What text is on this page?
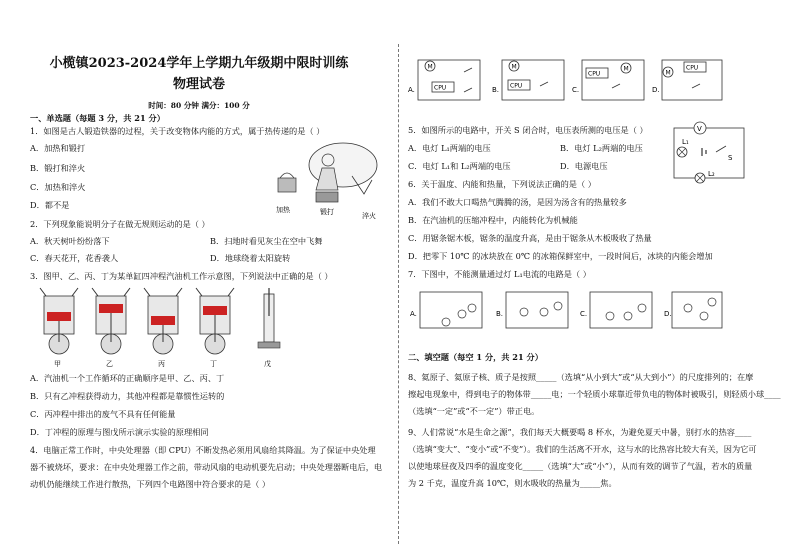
小榄镇2023-2024学年上学期九年级期中限时训练
物理试卷
时间：80 分钟 满分：100 分
一、单选题（每题 3 分，共 21 分）
1．如图是古人锻造铁器的过程，关于改变物体内能的方式，属于热传递的是（ ）
A．加热和锻打
B．锻打和淬火
C．加热和淬火
D．都不是	加热	锻打	淬火
2．下列现象能说明分子在做无规则运动的是（ ）
A．秋天树叶纷纷落下	B．扫地时看见灰尘在空中飞舞
C．春天花开，花香袭人	D．地球绕着太阳旋转
3．图甲、乙、丙、丁为某单缸四冲程汽油机工作示意图，下列说法中正确的是（ ）
甲	乙	丙	丁	戊
A．汽油机一个工作循环的正确顺序是甲、乙、丙、丁
B．只有乙冲程获得动力，其他冲程都是靠惯性运转的
C．丙冲程中排出的废气不具有任何能量
D．丁冲程的原理与图戊所示演示实验的原理相同
4．电脑正常工作时，中央处理器（即 CPU）不断发热必须用风扇给其降温。为了保证中央处理
器不被烧坏，要求：在中央处理器工作之前，带动风扇的电动机要先启动；中央处理器断电后，电
动机仍能继续工作进行散热，下列四个电路图中符合要求的是（ ）
M
CPU
A.
M
CPU
B.
M
CPU
C.
M
CPU
D.
5．如图所示的电路中，开关 S 闭合时，电压表所测的电压是（ ）
A．电灯 L₁两端的电压	B．电灯 L₂两端的电压
C．电灯 L₁和 L₂两端的电压	D．电源电压
V
L₁
S
L₂
6．关于温度、内能和热量，下列说法正确的是（ ）
A．我们不敢大口喝热气腾腾的汤，是因为汤含有的热量较多
B．在汽油机的压缩冲程中，内能转化为机械能
C．用锯条锯木板，锯条的温度升高，是由于锯条从木板吸收了热量
D．把零下 10℃ 的冰块放在 0℃ 的冰箱保鲜室中，一段时间后，冰块的内能会增加
7．下图中，不能测量通过灯 L₁电流的电路是（ ）
A.	B.	C.	D.
二、填空题（每空 1 分，共 21 分）
8、氦原子、氦原子核、质子是按照_____（选填“从小到大”或“从大到小”）的尺度排列的；在摩
擦起电现象中，得到电子的物体带_____电；一个轻质小球靠近带负电的物体时被吸引，则轻质小球____
（选填“一定”或“不一定”）带正电。
9、人们常说“水是生命之源”，我们每天大概要喝 8 杯水，为避免夏天中暑，别打水的热容____
（选填“变大”、“变小”或“不变”）。我们的生活离不开水，这与水的比热容比较大有关，因为它可
以使地球昼夜及四季的温度变化_____（选填“大”或“小”），从而有效的调节了气温，若水的质量
为 2 千克，温度升高 10℃，则水吸收的热量为_____焦。
